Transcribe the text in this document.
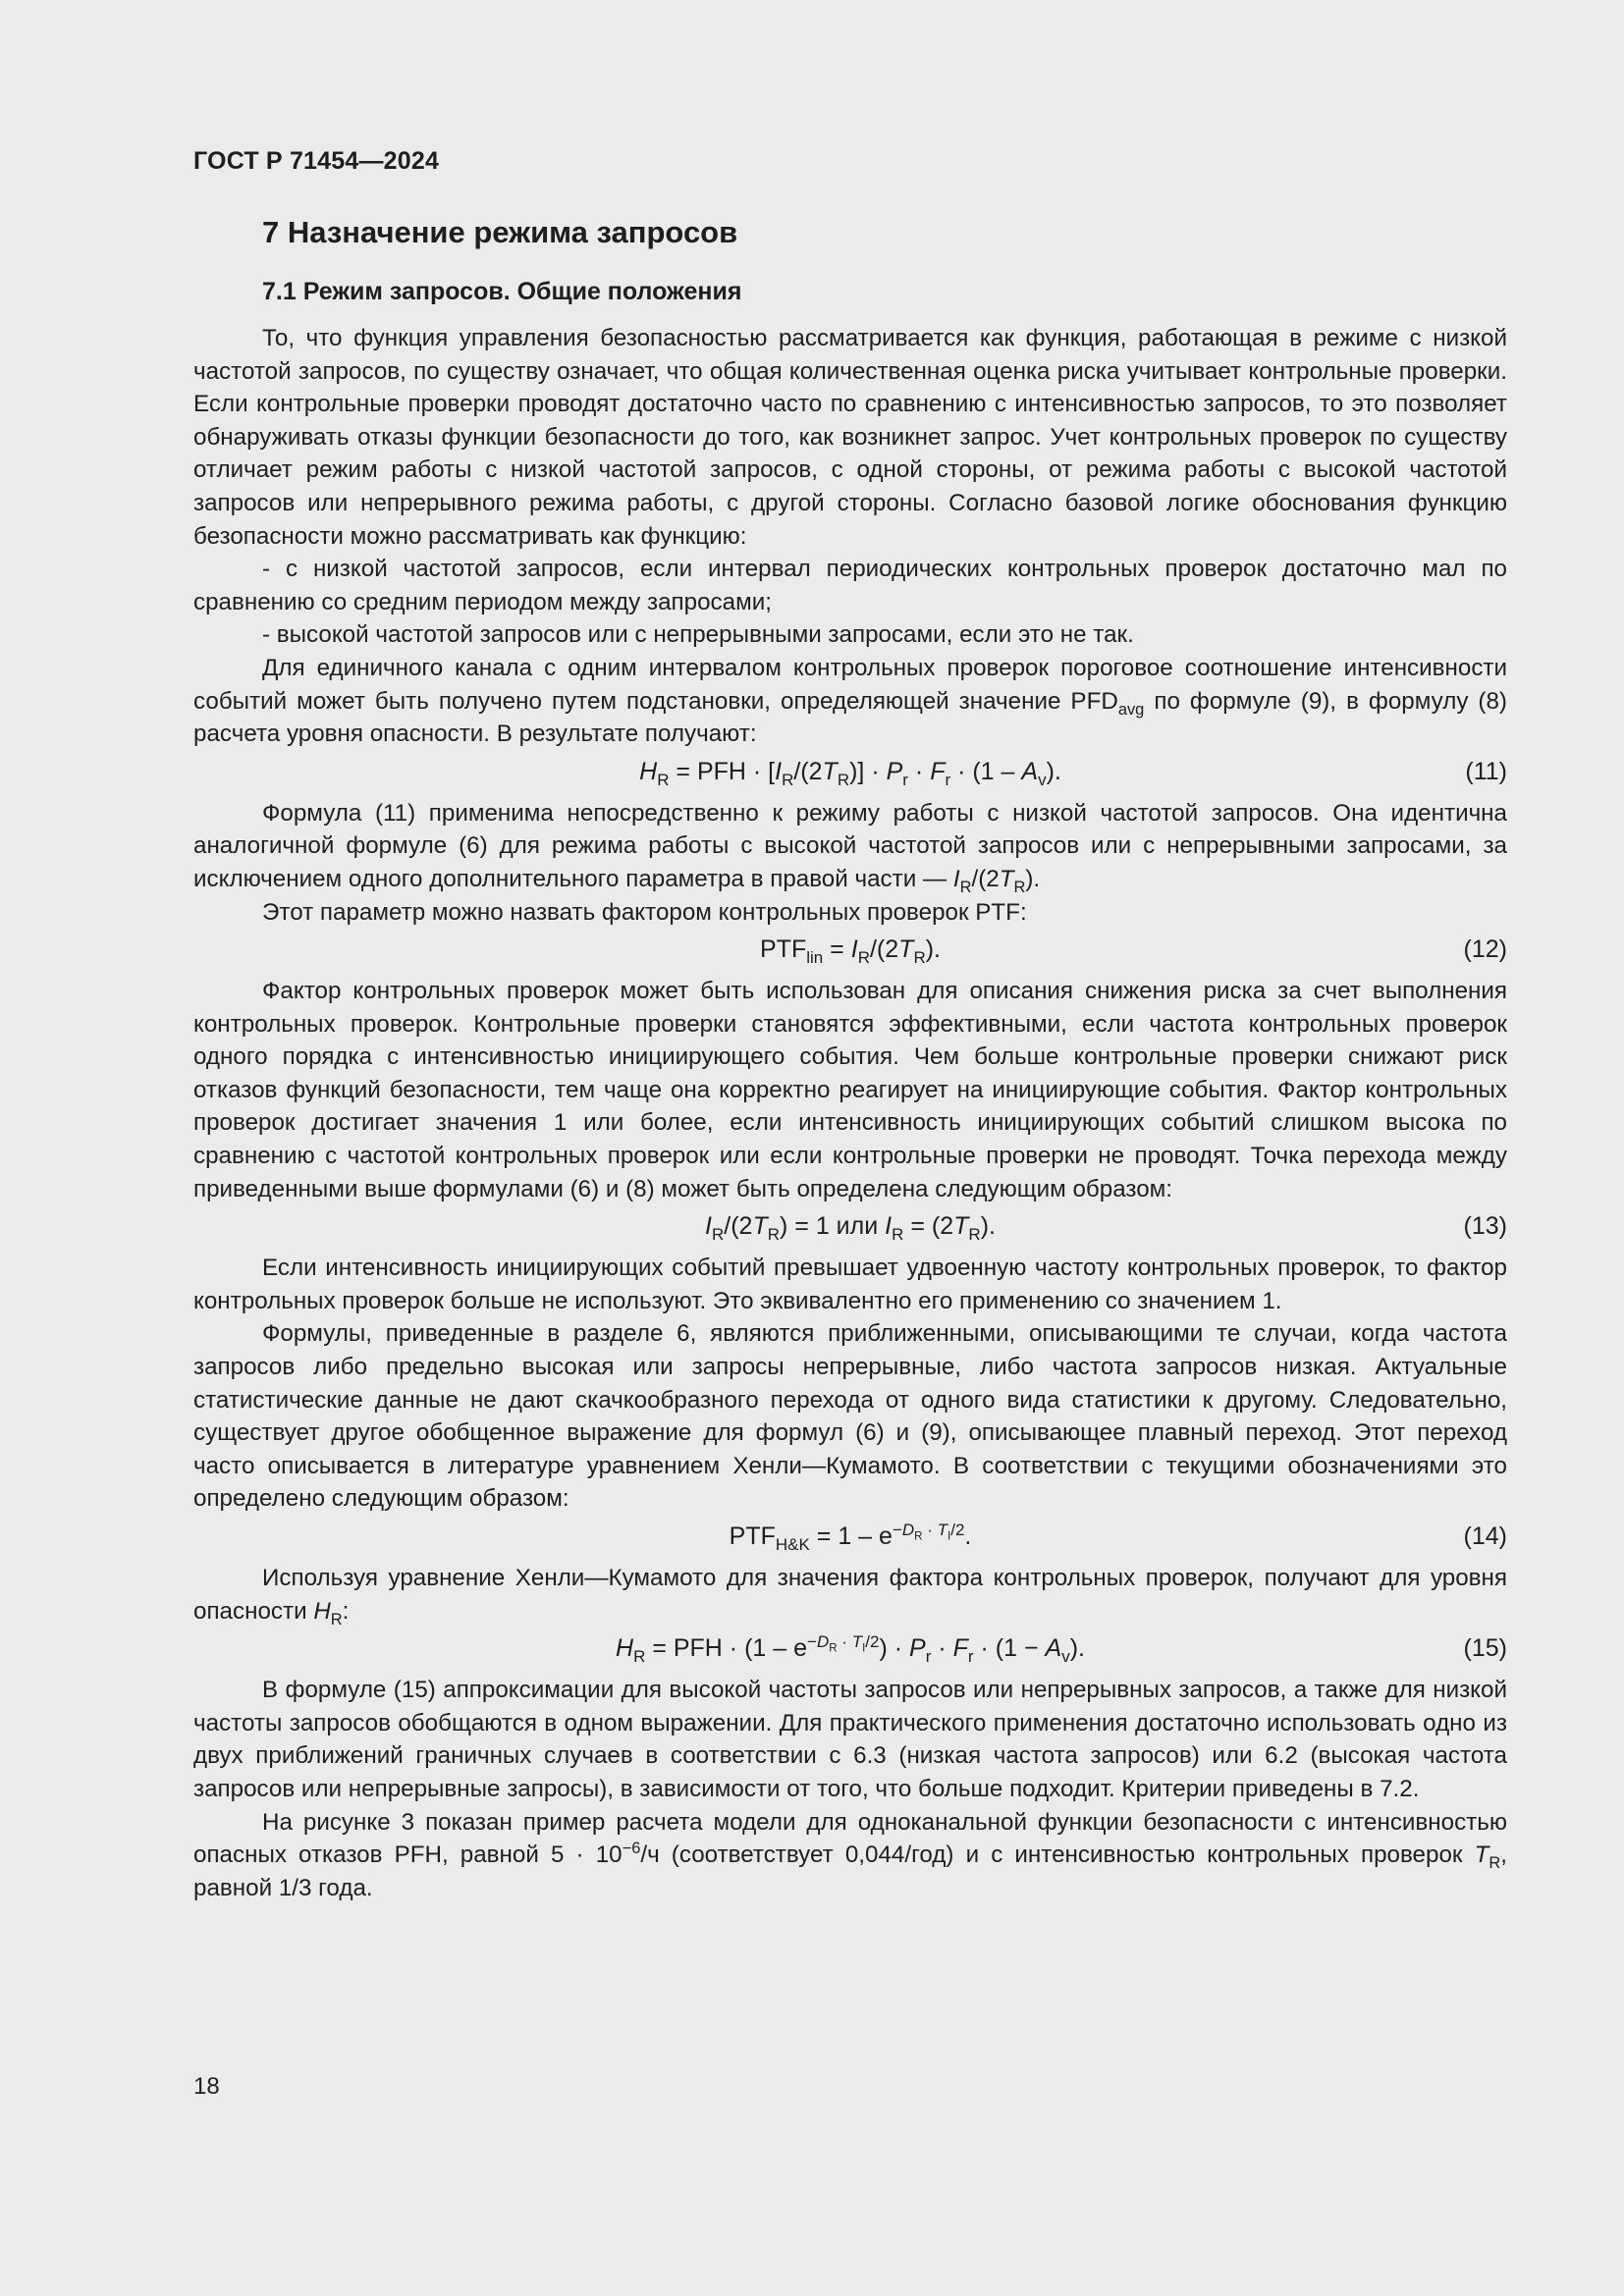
ГОСТ Р 71454—2024
7 Назначение режима запросов
7.1 Режим запросов. Общие положения

То, что функция управления безопасностью рассматривается как функция, работающая в режиме с низкой частотой запросов, по существу означает, что общая количественная оценка риска учитывает контрольные проверки. Если контрольные проверки проводят достаточно часто по сравнению с интенсивностью запросов, то это позволяет обнаруживать отказы функции безопасности до того, как возникнет запрос. Учет контрольных проверок по существу отличает режим работы с низкой частотой запросов, с одной стороны, от режима работы с высокой частотой запросов или непрерывного режима работы, с другой стороны. Согласно базовой логике обоснования функцию безопасности можно рассматривать как функцию:

- с низкой частотой запросов, если интервал периодических контрольных проверок достаточно мал по сравнению со средним периодом между запросами;

- высокой частотой запросов или с непрерывными запросами, если это не так.

Для единичного канала с одним интервалом контрольных проверок пороговое соотношение интенсивности событий может быть получено путем подстановки, определяющей значение $PFD_{avg}$ по формуле (9), в формулу (8) расчета уровня опасности. В результате получают:

$H_R$ = PFH · $[I_R/(2T_R)] \cdot P_r \cdot F_r \cdot (1 - A_v)$.	(11)

Формула (11) применима непосредственно к режиму работы с низкой частотой запросов. Она идентична аналогичной формуле (6) для режима работы с высокой частотой запросов или с непрерывными запросами, за исключением одного дополнительного параметра в правой части — $I_R/(2T_R)$.

Этот параметр можно назвать фактором контрольных проверок PTF:

$PTF_{lin} = I_R/(2T_R)$.	(12)

Фактор контрольных проверок может быть использован для описания снижения риска за счет выполнения контрольных проверок. Контрольные проверки становятся эффективными, если частота контрольных проверок одного порядка с интенсивностью инициирующего события. Чем больше контрольные проверки снижают риск отказов функций безопасности, тем чаще она корректно реагирует на инициирующие события. Фактор контрольных проверок достигает значения 1 или более, если интенсивность инициирующих событий слишком высока по сравнению с частотой контрольных проверок или если контрольные проверки не проводят. Точка перехода между приведенными выше формулами (6) и (8) может быть определена следующим образом:

$I_R/(2T_R) = 1$ или $I_R = (2T_R)$.	(13)

Если интенсивность инициирующих событий превышает удвоенную частоту контрольных проверок, то фактор контрольных проверок больше не используют. Это эквивалентно его применению со значением 1.

Формулы, приведенные в разделе 6, являются приближенными, описывающими те случаи, когда частота запросов либо предельно высокая или запросы непрерывные, либо частота запросов низкая. Актуальные статистические данные не дают скачкообразного перехода от одного вида статистики к другому. Следовательно, существует другое обобщенное выражение для формул (6) и (9), описывающее плавный переход. Этот переход часто описывается в литературе уравнением Хенли—Кумамото. В соответствии с текущими обозначениями это определено следующим образом:

$PTF_{H\&K} = 1 - e^{-D_R \cdot T_I/2}$.	(14)

Используя уравнение Хенли—Кумамото для значения фактора контрольных проверок, получают для уровня опасности $H_R$:

$H_R$ = PFH · $(1 - e^{-D_R \cdot T_I/2}) \cdot P_r \cdot F_r \cdot (1 - A_v)$.	(15)

В формуле (15) аппроксимации для высокой частоты запросов или непрерывных запросов, а также для низкой частоты запросов обобщаются в одном выражении. Для практического применения достаточно использовать одно из двух приближений граничных случаев в соответствии с 6.3 (низкая частота запросов) или 6.2 (высокая частота запросов или непрерывные запросы), в зависимости от того, что больше подходит. Критерии приведены в 7.2.

На рисунке 3 показан пример расчета модели для одноканальной функции безопасности с интенсивностью опасных отказов PFH, равной $5 \cdot 10^{-6}/ч$ (соответствует 0,044/год) и с интенсивностью контрольных проверок $T_R$, равной 1/3 года.

18
